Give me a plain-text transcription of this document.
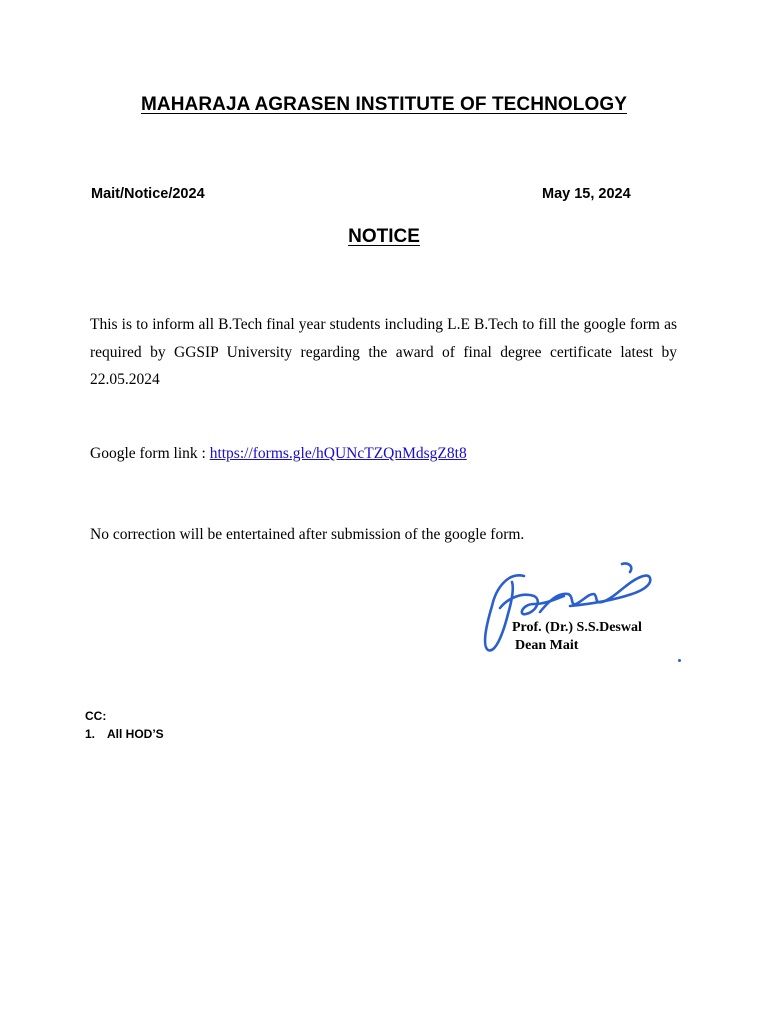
MAHARAJA AGRASEN INSTITUTE OF TECHNOLOGY
Mait/Notice/2024	May 15, 2024
NOTICE
This is to inform all B.Tech final year students including L.E B.Tech to fill the google form as required by GGSIP University regarding the award of final degree certificate latest by 22.05.2024
Google form link : https://forms.gle/hQUNcTZQnMdsgZ8t8
No correction will be entertained after submission of the google form.
Prof. (Dr.) S.S.Deswal
Dean Mait
CC:
1. All HOD’S
